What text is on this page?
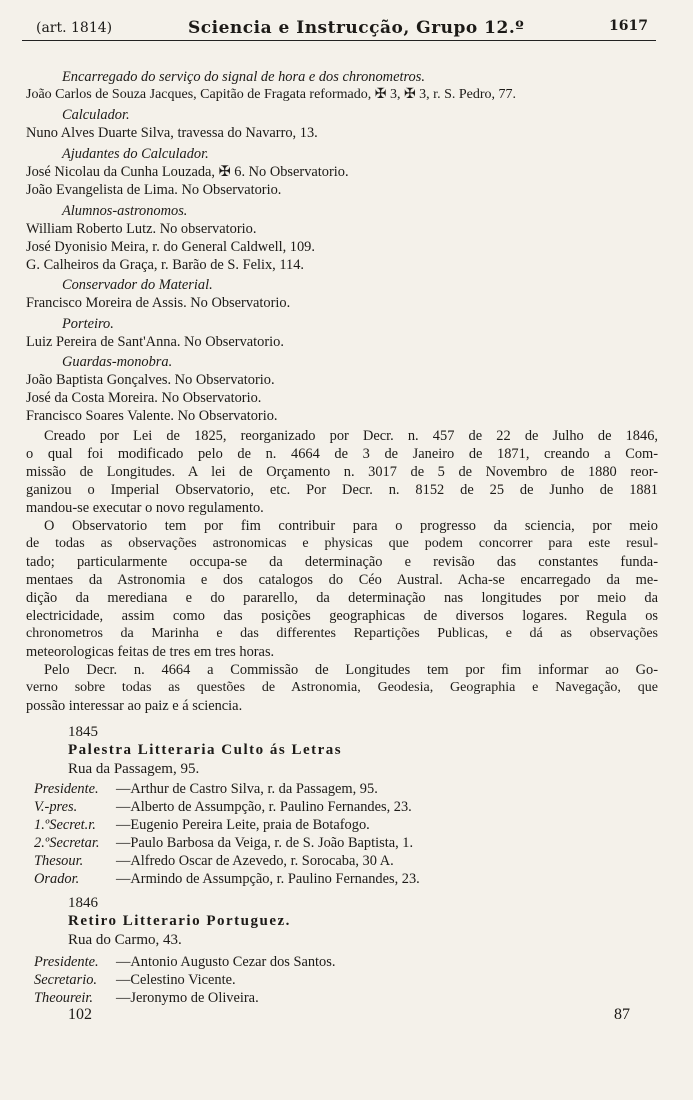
(art. 1814)	Sciencia e Instrucção, Grupo 12.º	1617
Encarregado do serviço do signal de hora e dos chronometros.
João Carlos de Souza Jacques, Capitão de Fragata reformado, ✠ 3, ✠ 3, r. S. Pedro, 77.
Calculador.
Nuno Alves Duarte Silva, travessa do Navarro, 13.
Ajudantes do Calculador.
José Nicolau da Cunha Louzada, ✠ 6. No Observatorio.
João Evangelista de Lima. No Observatorio.
Alumnos-astronomos.
William Roberto Lutz. No observatorio.
José Dyonisio Meira, r. do General Caldwell, 109.
G. Calheiros da Graça, r. Barão de S. Felix, 114.
Conservador do Material.
Francisco Moreira de Assis. No Observatorio.
Porteiro.
Luiz Pereira de Sant'Anna. No Observatorio.
Guardas-monobra.
João Baptista Gonçalves. No Observatorio.
José da Costa Moreira. No Observatorio.
Francisco Soares Valente. No Observatorio.
Creado por Lei de 1825, reorganizado por Decr. n. 457 de 22 de Julho de 1846,
o qual foi modificado pelo de n. 4664 de 3 de Janeiro de 1871, creando a Com-
missão de Longitudes. A lei de Orçamento n. 3017 de 5 de Novembro de 1880 reor-
ganizou o Imperial Observatorio, etc. Por Decr. n. 8152 de 25 de Junho de 1881
mandou-se executar o novo regulamento.
O Observatorio tem por fim contribuir para o progresso da sciencia, por meio
de todas as observações astronomicas e physicas que podem concorrer para este resul-
tado; particularmente occupa-se da determinação e revisão das constantes funda-
mentaes da Astronomia e dos catalogos do Céo Austral. Acha-se encarregado da me-
dição da meredianа e do pararello, da determinação nas longitudes por meio da
electricidade, assim como das posições geographicas de diversos logares. Regula os
chronometros da Marinha e das differentes Repartições Publicas, e dá as observações
meteorologicas feitas de tres em tres horas.
Pelo Decr. n. 4664 a Commissão de Longitudes tem por fim informar ao Go-
verno sobre todas as questões de Astronomia, Geodesia, Geographia e Navegação, que
possão interessar ao paiz e á sciencia.
1845
Palestra Litteraria Culto ás Letras
Rua da Passagem, 95.
Presidente. —Arthur de Castro Silva, r. da Passagem, 95.
V.-pres.	—Alberto de Assumpção, r. Paulino Fernandes, 23.
1.ºSecret.r. —Eugenio Pereira Leite, praia de Botafogo.
2.ºSecretar. —Paulo Barbosa da Veiga, r. de S. João Baptista, 1.
Thesour. —Alfredo Oscar de Azevedo, r. Sorocaba, 30 A.
Orador.	—Armindo de Assumpção, r. Paulino Fernandes, 23.
1846
Retiro Litterario Portuguez.
Rua do Carmo, 43.
Presidente. —Antonio Augusto Cezar dos Santos.
Secretario. —Celestino Vicente.
Theoureir. —Jeronymo de Oliveira.
102	87
